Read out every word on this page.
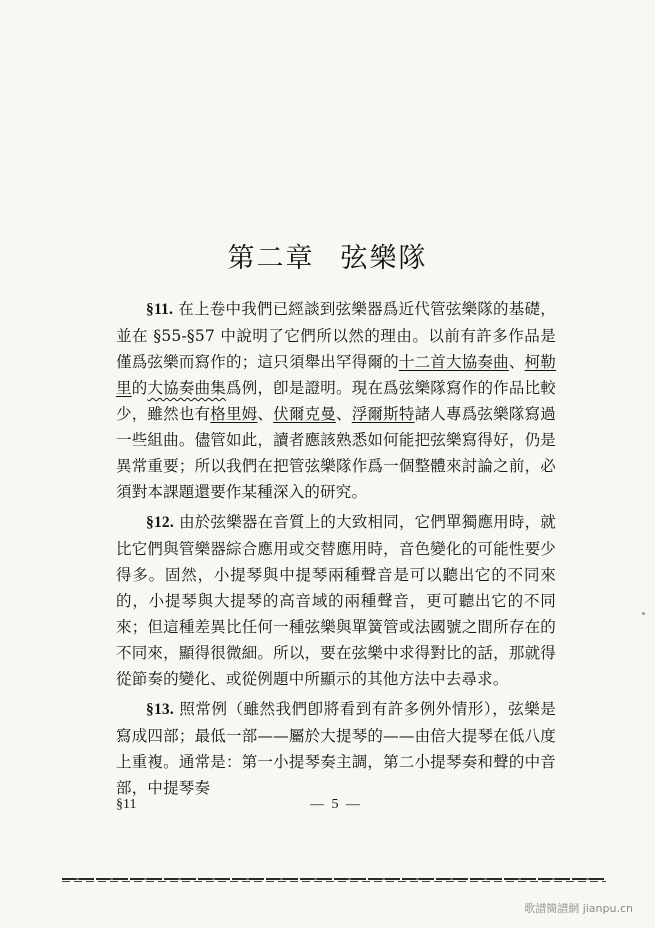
第二章 弦樂隊

§11. 在上卷中我們已經談到弦樂器爲近代管弦樂隊的基礎，並在 §55-§57 中說明了它們所以然的理由。以前有許多作品是僅爲弦樂而寫作的；這只須舉出罕得爾的十二首大協奏曲、柯勒里的大協奏曲集爲例，卽是證明。現在爲弦樂隊寫作的作品比較少，雖然也有格里姆、伏爾克曼、浮爾斯特諸人專爲弦樂隊寫過一些組曲。儘管如此，讀者應該熟悉如何能把弦樂寫得好，仍是異常重要；所以我們在把管弦樂隊作爲一個整體來討論之前，必須對本課題還要作某種深入的研究。

§12. 由於弦樂器在音質上的大致相同，它們單獨應用時，就比它們與管樂器綜合應用或交替應用時，音色變化的可能性要少得多。固然，小提琴與中提琴兩種聲音是可以聽出它的不同來的，小提琴與大提琴的高音域的兩種聲音，更可聽出它的不同來；但這種差異比任何一種弦樂與單簧管或法國號之間所存在的不同來，顯得很微細。所以，要在弦樂中求得對比的話，那就得從節奏的變化、或從例題中所顯示的其他方法中去尋求。

§13. 照常例（雖然我們卽將看到有許多例外情形），弦樂是寫成四部；最低一部——屬於大提琴的——由倍大提琴在低八度上重複。通常是：第一小提琴奏主調，第二小提琴奏和聲的中音部，中提琴奏

§11	— 5 —
歌譜簡譜網 jianpu.cn
